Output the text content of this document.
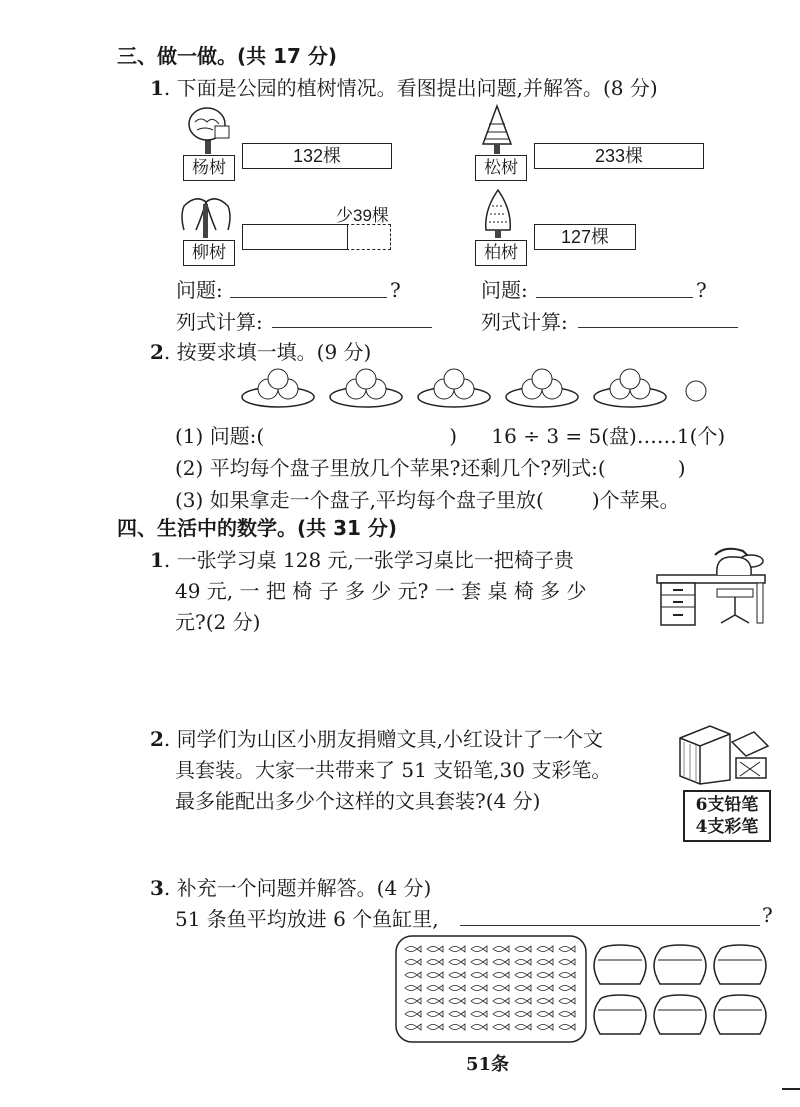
三、做一做。(共 17 分)
1. 下面是公园的植树情况。看图提出问题,并解答。(8 分)
杨树
132棵
松树
233棵
柳树
少39棵
柏树
127棵
问题:	?
列式计算:
问题:	?
列式计算:
2. 按要求填一填。(9 分)
(1) 问题:(	) 16 ÷ 3 = 5(盘)……1(个)
(2) 平均每个盘子里放几个苹果?还剩几个?列式:(	)
(3) 如果拿走一个盘子,平均每个盘子里放( )个苹果。
四、生活中的数学。(共 31 分)
1. 一张学习桌 128 元,一张学习桌比一把椅子贵
49 元, 一 把 椅 子 多 少 元? 一 套 桌 椅 多 少
元?(2 分)
2. 同学们为山区小朋友捐赠文具,小红设计了一个文
具套装。大家一共带来了 51 支铅笔,30 支彩笔。
最多能配出多少个这样的文具套装?(4 分)	6支铅笔
4支彩笔
3. 补充一个问题并解答。(4 分)
51 条鱼平均放进 6 个鱼缸里,	?
51条
